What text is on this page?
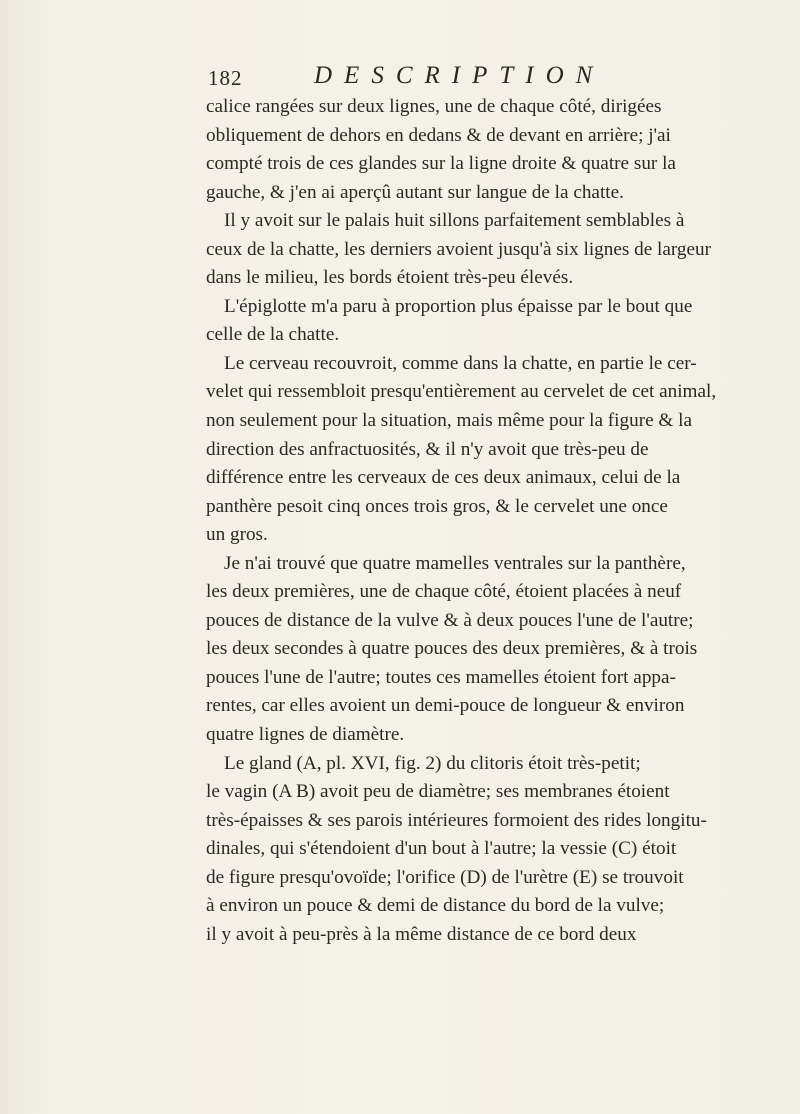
182	DESCRIPTION
calice rangées sur deux lignes, une de chaque côté, dirigées
obliquement de dehors en dedans & de devant en arrière; j'ai
compté trois de ces glandes sur la ligne droite & quatre sur la
gauche, & j'en ai aperçû autant sur langue de la chatte.
Il y avoit sur le palais huit sillons parfaitement semblables à
ceux de la chatte, les derniers avoient jusqu'à six lignes de largeur
dans le milieu, les bords étoient très-peu élevés.
L'épiglotte m'a paru à proportion plus épaisse par le bout que
celle de la chatte.
Le cerveau recouvroit, comme dans la chatte, en partie le cer-
velet qui ressembloit presqu'entièrement au cervelet de cet animal,
non seulement pour la situation, mais même pour la figure & la
direction des anfractuosités, & il n'y avoit que très-peu de
différence entre les cerveaux de ces deux animaux, celui de la
panthère pesoit cinq onces trois gros, & le cervelet une once
un gros.
Je n'ai trouvé que quatre mamelles ventrales sur la panthère,
les deux premières, une de chaque côté, étoient placées à neuf
pouces de distance de la vulve & à deux pouces l'une de l'autre;
les deux secondes à quatre pouces des deux premières, & à trois
pouces l'une de l'autre; toutes ces mamelles étoient fort appa-
rentes, car elles avoient un demi-pouce de longueur & environ
quatre lignes de diamètre.
Le gland (A, pl. XVI, fig. 2) du clitoris étoit très-petit;
le vagin (A B) avoit peu de diamètre; ses membranes étoient
très-épaisses & ses parois intérieures formoient des rides longitu-
dinales, qui s'étendoient d'un bout à l'autre; la vessie (C) étoit
de figure presqu'ovoïde; l'orifice (D) de l'urètre (E) se trouvoit
à environ un pouce & demi de distance du bord de la vulve;
il y avoit à peu-près à la même distance de ce bord deux
